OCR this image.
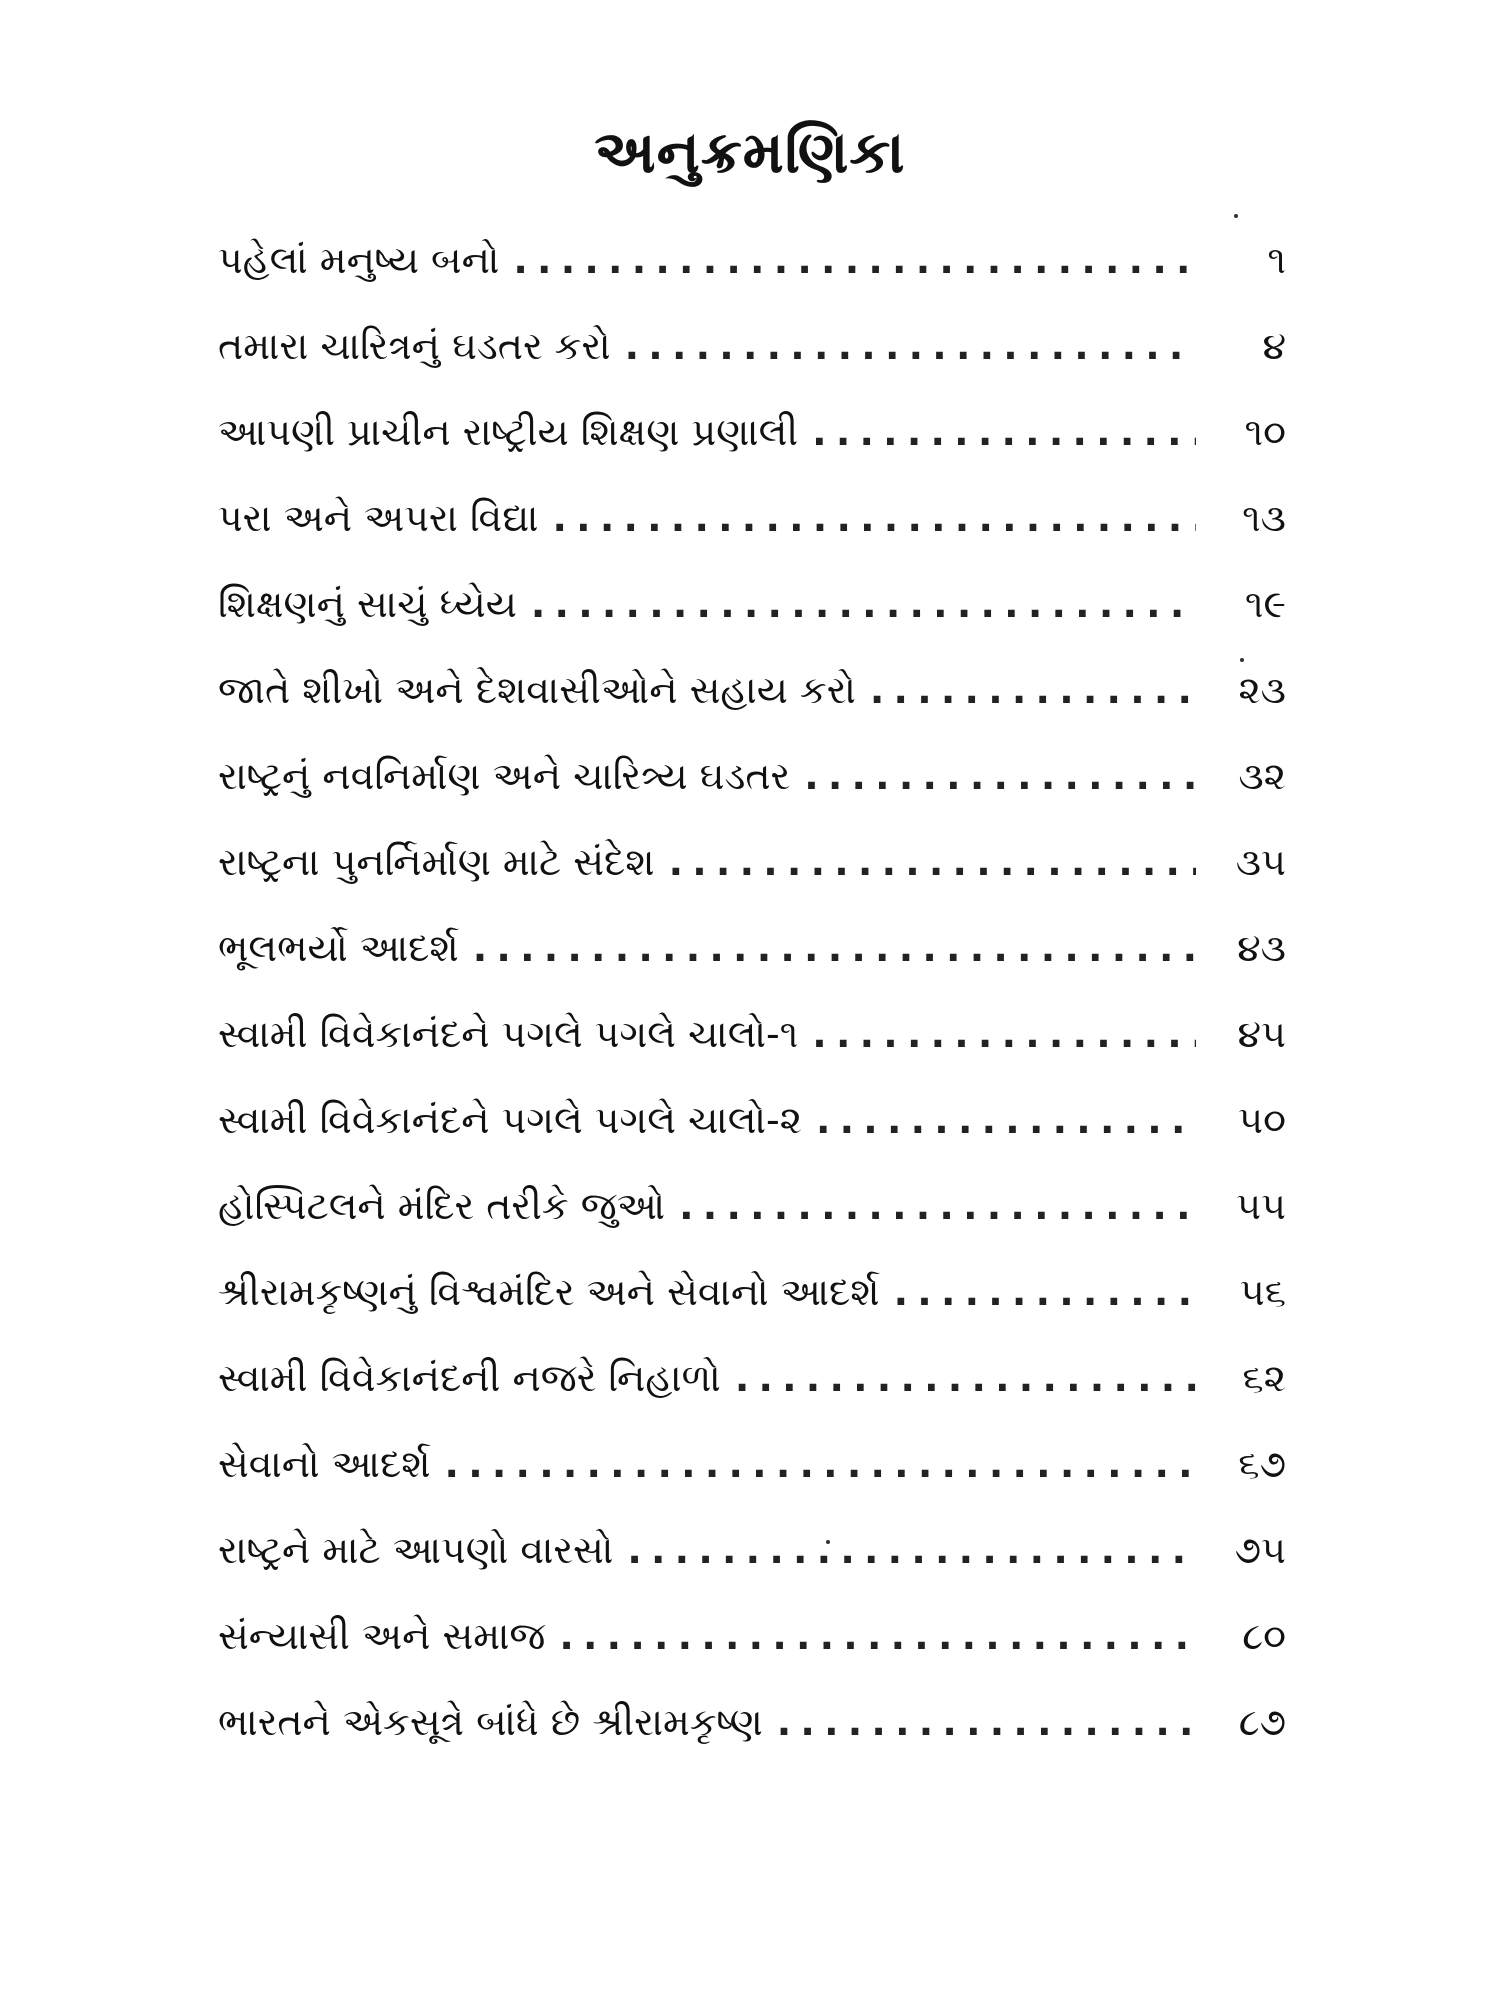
અનુક્રમણિકા
પહેલાં મનુષ્ય બનો . . .	૧
તમારા ચારિત્રનું ઘડતર કરો . . .	૪
આપણી પ્રાચીન રાષ્ટ્રીય શિક્ષણ પ્રણાલી . . .	૧૦
પરા અને અપરા વિદ્યા . . .	૧૩
શિક્ષણનું સાચું ધ્યેય . . .	૧૯
જાતે શીખો અને દેશવાસીઓને સહાય કરો . . .	૨૩
રાષ્ટ્રનું નવનિર્માણ અને ચારિત્ર્ય ઘડતર . . .	૩૨
રાષ્ટ્રના પુનર્નિર્માણ માટે સંદેશ . . .	૩૫
ભૂલભર્યો આદર્શ . . .	૪૩
સ્વામી વિવેકાનંદને પગલે પગલે ચાલો-૧ . . .	૪૫
સ્વામી વિવેકાનંદને પગલે પગલે ચાલો-૨ . . .	૫૦
હોસ્પિટલને મંદિર તરીકે જુઓ . . .	૫૫
શ્રીરામકૃષ્ણનું વિશ્વમંદિર અને સેવાનો આદર્શ . . .	૫૬
સ્વામી વિવેકાનંદની નજરે નિહાળો . . .	૬૨
સેવાનો આદર્શ . . .	૬૭
રાષ્ટ્રને માટે આપણો વારસો . . .	૭૫
સંન્યાસી અને સમાજ . . .	૮૦
ભારતને એકસૂત્રે બાંધે છે શ્રીરામકૃષ્ણ . . .	૮૭
